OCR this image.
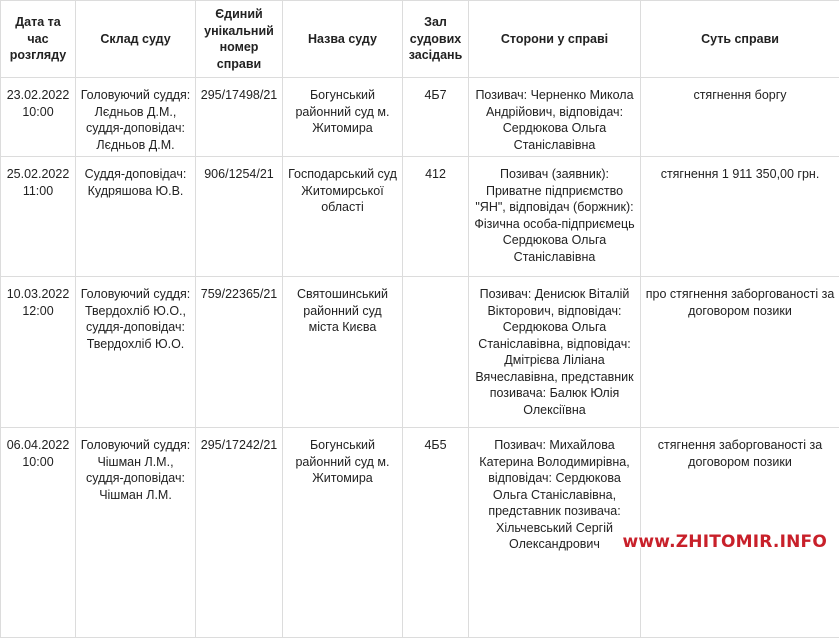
Дата та час розгляду	Склад суду	Єдиний унікальний номер справи	Назва суду	Зал судових засідань	Сторони у справі	Суть справи

23.02.2022
10:00	Головуючий суддя: Лєдньов Д.М., суддя-доповідач: Лєдньов Д.М.	295/17498/21	Богунський районний суд м. Житомира	4Б7	Позивач: Черненко Микола Андрійович, відповідач: Сердюкова Ольга Станіславівна	стягнення боргу

25.02.2022
11:00	Суддя-доповідач: Кудряшова Ю.В.	906/1254/21	Господарський суд Житомирської області	412	Позивач (заявник): Приватне підприємство "ЯН", відповідач (боржник): Фізична особа-підприємець Сердюкова Ольга Станіславівна	стягнення 1 911 350,00 грн.

10.03.2022
12:00	Головуючий суддя: Твердохліб Ю.О., суддя-доповідач: Твердохліб Ю.О.	759/22365/21	Святошинський районний суд міста Києва		Позивач: Денисюк Віталій Вікторович, відповідач: Сердюкова Ольга Станіславівна, відповідач: Дмітрієва Ліліана Вячеславівна, представник позивача: Балюк Юлія Олексіївна	про стягнення заборгованості за договором позики

06.04.2022
10:00	Головуючий суддя: Чішман Л.М., суддя-доповідач: Чішман Л.М.	295/17242/21	Богунський районний суд м. Житомира	4Б5	Позивач: Михайлова Катерина Володимирівна, відповідач: Сердюкова Ольга Станіславівна, представник позивача: Хільчевський Сергій Олександрович	стягнення заборгованості за договором позики
www.ZHITOMIR.INFO
